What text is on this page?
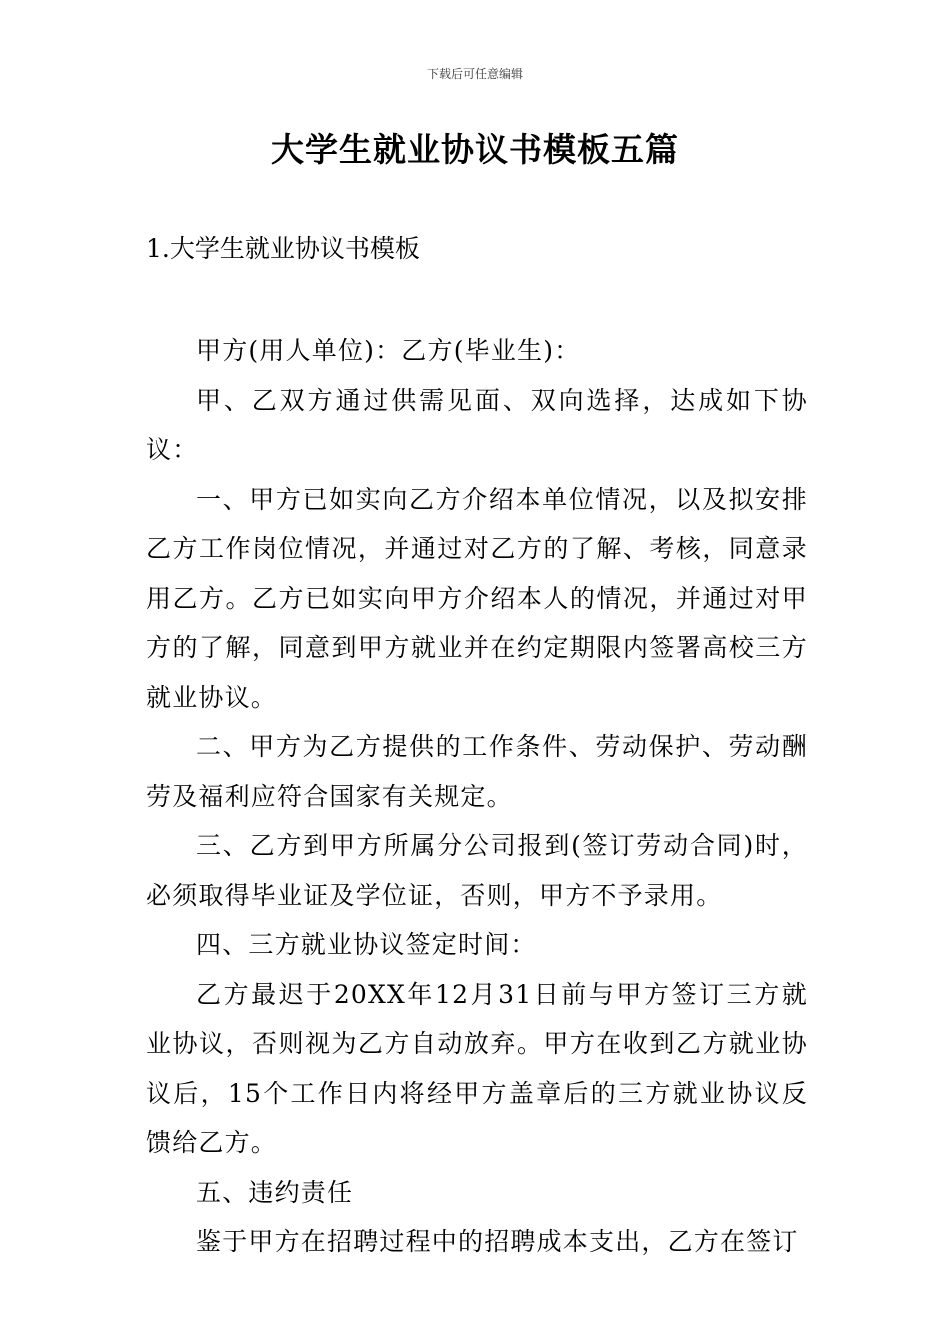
下载后可任意编辑
大学生就业协议书模板五篇
1.大学生就业协议书模板

甲方(用人单位)：乙方(毕业生)：

甲、乙双方通过供需见面、双向选择，达成如下协议：

一、甲方已如实向乙方介绍本单位情况，以及拟安排乙方工作岗位情况，并通过对乙方的了解、考核，同意录用乙方。乙方已如实向甲方介绍本人的情况，并通过对甲方的了解，同意到甲方就业并在约定期限内签署高校三方就业协议。

二、甲方为乙方提供的工作条件、劳动保护、劳动酬劳及福利应符合国家有关规定。

三、乙方到甲方所属分公司报到(签订劳动合同)时，必须取得毕业证及学位证，否则，甲方不予录用。

四、三方就业协议签定时间：

乙方最迟于20XX年12月31日前与甲方签订三方就业协议，否则视为乙方自动放弃。甲方在收到乙方就业协议后，15个工作日内将经甲方盖章后的三方就业协议反馈给乙方。

五、违约责任

鉴于甲方在招聘过程中的招聘成本支出，乙方在签订
